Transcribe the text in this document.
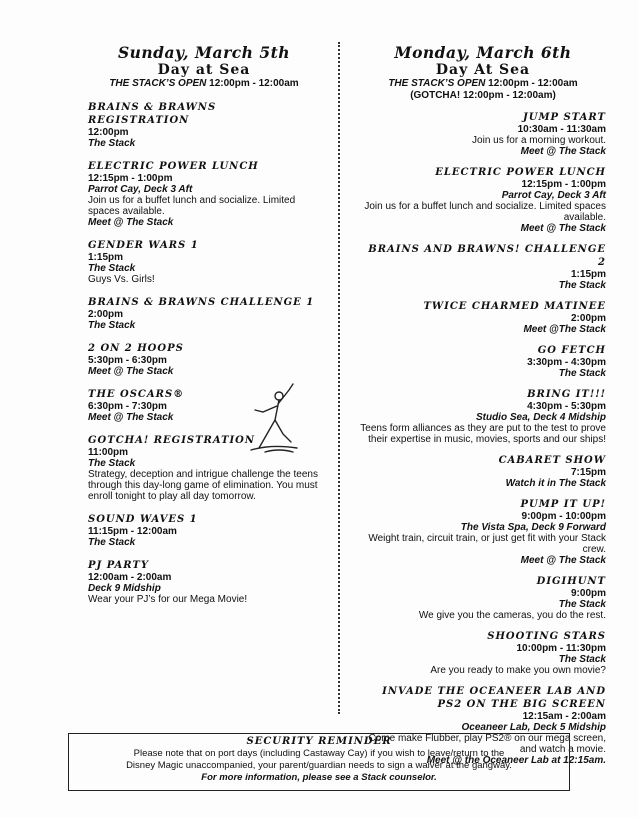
Sunday, March 5th
Day at Sea
THE STACK’S OPEN 12:00pm - 12:00am
BRAINS & BRAWNS REGISTRATION
12:00pm
The Stack
ELECTRIC POWER LUNCH
12:15pm - 1:00pm
Parrot Cay, Deck 3 Aft
Join us for a buffet lunch and socialize. Limited spaces available.
Meet @ The Stack
GENDER WARS 1
1:15pm
The Stack
Guys Vs. Girls!
BRAINS & BRAWNS CHALLENGE 1
2:00pm
The Stack
2 ON 2 HOOPS
5:30pm - 6:30pm
Meet @ The Stack
THE OSCARS®
6:30pm - 7:30pm
Meet @ The Stack
GOTCHA! REGISTRATION
11:00pm
The Stack
Strategy, deception and intrigue challenge the teens through this day-long game of elimination. You must enroll tonight to play all day tomorrow.
SOUND WAVES 1
11:15pm - 12:00am
The Stack
PJ PARTY
12:00am - 2:00am
Deck 9 Midship
Wear your PJ’s for our Mega Movie!
Monday, March 6th
Day At Sea
THE STACK’S OPEN 12:00pm - 12:00am
(GOTCHA! 12:00pm - 12:00am)
JUMP START
10:30am - 11:30am
Join us for a morning workout.
Meet @ The Stack
ELECTRIC POWER LUNCH
12:15pm - 1:00pm
Parrot Cay, Deck 3 Aft
Join us for a buffet lunch and socialize. Limited spaces available.
Meet @ The Stack
BRAINS AND BRAWNS! CHALLENGE 2
1:15pm
The Stack
TWICE CHARMED MATINEE
2:00pm
Meet @The Stack
GO FETCH
3:30pm - 4:30pm
The Stack
BRING IT!!!
4:30pm - 5:30pm
Studio Sea, Deck 4 Midship
Teens form alliances as they are put to the test to prove their expertise in music, movies, sports and our ships!
CABARET SHOW
7:15pm
Watch it in The Stack
PUMP IT UP!
9:00pm - 10:00pm
The Vista Spa, Deck 9 Forward
Weight train, circuit train, or just get fit with your Stack crew.
Meet @ The Stack
DIGIHUNT
9:00pm
The Stack
We give you the cameras, you do the rest.
SHOOTING STARS
10:00pm - 11:30pm
The Stack
Are you ready to make you own movie?
INVADE THE OCEANEER LAB AND PS2 ON THE BIG SCREEN
12:15am - 2:00am
Oceaneer Lab, Deck 5 Midship
Come make Flubber, play PS2® on our mega screen, and watch a movie.
Meet @ the Oceaneer Lab at 12:15am.
SECURITY REMINDER
Please note that on port days (including Castaway Cay) if you wish to leave/return to the
Disney Magic unaccompanied, your parent/guardian needs to sign a waiver at the gangway.
For more information, please see a Stack counselor.
